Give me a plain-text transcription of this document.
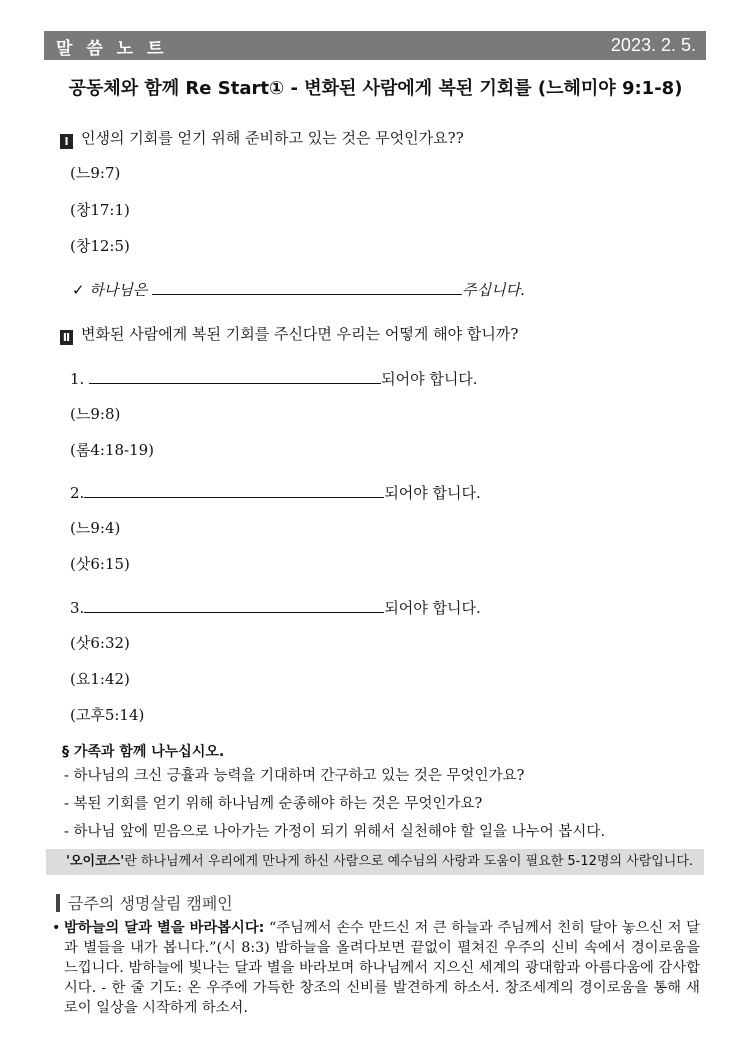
말 씀 노 트	2023. 2. 5.
공동체와 함께 Re Start① - 변화된 사람에게 복된 기회를 (느헤미야 9:1-8)
Ⅰ 인생의 기회를 얻기 위해 준비하고 있는 것은 무엇인가요??
(느9:7)
(창17:1)
(창12:5)
✓ 하나님은	주십니다.
Ⅱ 변화된 사람에게 복된 기회를 주신다면 우리는 어떻게 해야 합니까?
1.	되어야 합니다.
(느9:8)
(롬4:18-19)
2.	되어야 합니다.
(느9:4)
(삿6:15)
3.	되어야 합니다.
(삿6:32)
(요1:42)
(고후5:14)
§ 가족과 함께 나누십시오.
- 하나님의 크신 긍휼과 능력을 기대하며 간구하고 있는 것은 무엇인가요?
- 복된 기회를 얻기 위해 하나님께 순종해야 하는 것은 무엇인가요?
- 하나님 앞에 믿음으로 나아가는 가정이 되기 위해서 실천해야 할 일을 나누어 봅시다.
'오이코스'란 하나님께서 우리에게 만나게 하신 사람으로 예수님의 사랑과 도움이 필요한 5-12명의 사람입니다.
금주의 생명살림 캠페인
• 밤하늘의 달과 별을 바라봅시다: “주님께서 손수 만드신 저 큰 하늘과 주님께서 친히 달아 놓으신 저 달과 별들을 내가 봅니다.”(시 8:3) 밤하늘을 올려다보면 끝없이 펼쳐진 우주의 신비 속에서 경이로움을 느낍니다. 밤하늘에 빛나는 달과 별을 바라보며 하나님께서 지으신 세계의 광대함과 아름다움에 감사합시다. - 한 줄 기도: 온 우주에 가득한 창조의 신비를 발견하게 하소서. 창조세계의 경이로움을 통해 새로이 일상을 시작하게 하소서.
